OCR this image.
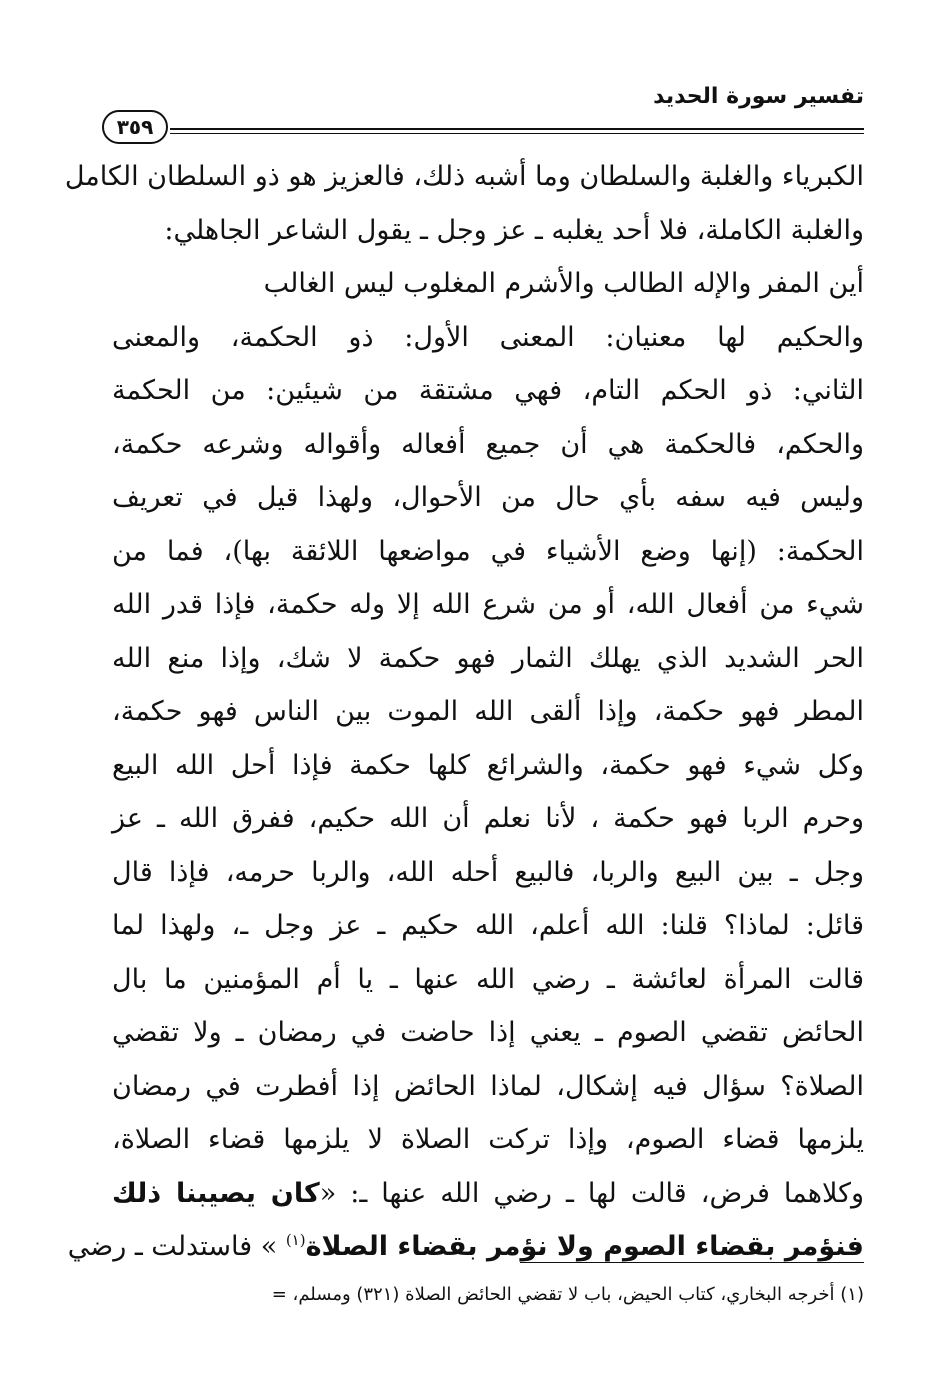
تفسير سورة الحديد
٣٥٩
الكبرياء والغلبة والسلطان وما أشبه ذلك، فالعزيز هو ذو السلطان الكامل
والغلبة الكاملة، فلا أحد يغلبه ـ عز وجل ـ يقول الشاعر الجاهلي:
أين المفر والإله الطالب والأشرم المغلوب ليس الغالب
والحكيم لها معنيان: المعنى الأول: ذو الحكمة، والمعنى
الثاني: ذو الحكم التام، فهي مشتقة من شيئين: من الحكمة
والحكم، فالحكمة هي أن جميع أفعاله وأقواله وشرعه حكمة،
وليس فيه سفه بأي حال من الأحوال، ولهذا قيل في تعريف
الحكمة: (إنها وضع الأشياء في مواضعها اللائقة بها)، فما من
شيء من أفعال الله، أو من شرع الله إلا وله حكمة، فإذا قدر الله
الحر الشديد الذي يهلك الثمار فهو حكمة لا شك، وإذا منع الله
المطر فهو حكمة، وإذا ألقى الله الموت بين الناس فهو حكمة،
وكل شيء فهو حكمة، والشرائع كلها حكمة فإذا أحل الله البيع
وحرم الربا فهو حكمة ، لأنا نعلم أن الله حكيم، ففرق الله ـ عز
وجل ـ بين البيع والربا، فالبيع أحله الله، والربا حرمه، فإذا قال
قائل: لماذا؟ قلنا: الله أعلم، الله حكيم ـ عز وجل ـ، ولهذا لما
قالت المرأة لعائشة ـ رضي الله عنها ـ يا أم المؤمنين ما بال
الحائض تقضي الصوم ـ يعني إذا حاضت في رمضان ـ ولا تقضي
الصلاة؟ سؤال فيه إشكال، لماذا الحائض إذا أفطرت في رمضان
يلزمها قضاء الصوم، وإذا تركت الصلاة لا يلزمها قضاء الصلاة،
وكلاهما فرض، قالت لها ـ رضي الله عنها ـ: «كان يصيبنا ذلك
فنؤمر بقضاء الصوم ولا نؤمر بقضاء الصلاة$^{(١)}$ » فاستدلت ـ رضي
(١) أخرجه البخاري، كتاب الحيض، باب لا تقضي الحائض الصلاة (٣٢١) ومسلم، =
